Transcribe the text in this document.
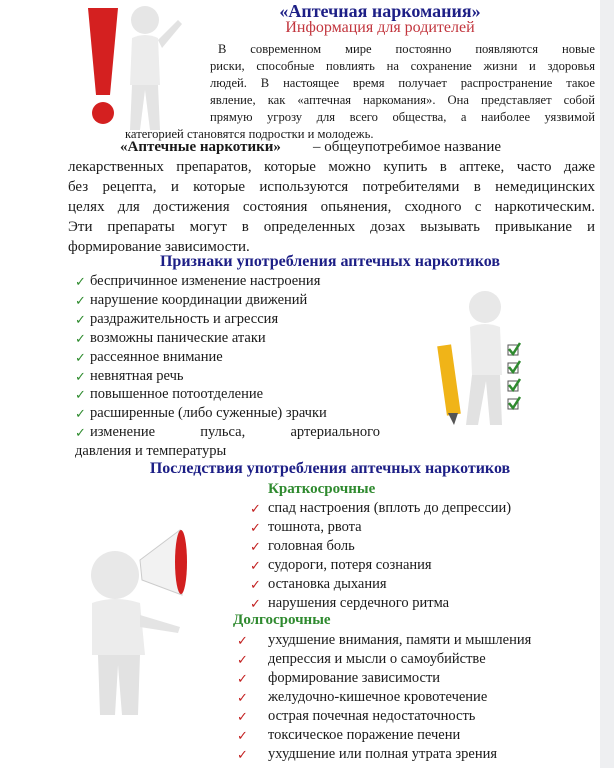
«Аптечная наркомания»
Информация для родителей
В современном мире постоянно появляются новые
риски, способные повлиять на сохранение жизни и здоровья
людей. В настоящее время получает распространение такое
явление, как «аптечная наркомания». Она представляет собой
прямую угрозу для всего общества, а наиболее уязвимой
категорией становятся подростки и молодежь.
«Аптечные наркотики» – общеупотребимое название
лекарственных препаратов, которые можно купить в аптеке, часто даже
без рецепта, и которые используются потребителями в немедицинских
целях для достижения состояния опьянения, сходного с наркотическим.
Эти препараты могут в определенных дозах вызывать привыкание и
формирование зависимости.
Признаки употребления аптечных наркотиков
✓ беспричинное изменение настроения
✓ нарушение координации движений
✓ раздражительность и агрессия
✓ возможны панические атаки
✓ рассеянное внимание
✓ невнятная речь
✓ повышенное потоотделение
✓ расширенные (либо суженные) зрачки
✓ изменение пульса, артериального
давления и температуры
Последствия употребления аптечных наркотиков
Краткосрочные
✓ спад настроения (вплоть до депрессии)
✓ тошнота, рвота
✓ головная боль
✓ судороги, потеря сознания
✓ остановка дыхания
✓ нарушения сердечного ритма
Долгосрочные
✓ ухудшение внимания, памяти и мышления
✓ депрессия и мысли о самоубийстве
✓ формирование зависимости
✓ желудочно-кишечное кровотечение
✓ острая почечная недостаточность
✓ токсическое поражение печени
✓ ухудшение или полная утрата зрения
